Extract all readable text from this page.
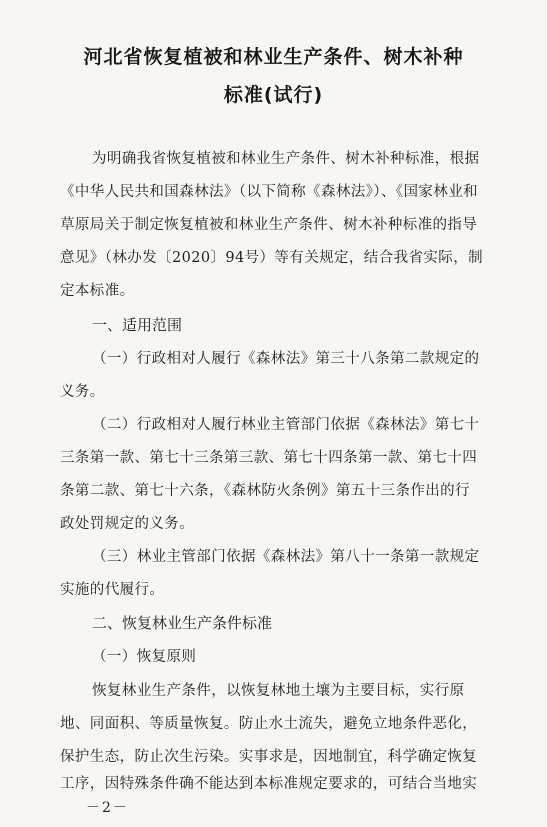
河北省恢复植被和林业生产条件、树木补种
标准(试行)
为明确我省恢复植被和林业生产条件、树木补种标准，根据
《中华人民共和国森林法》（以下简称《森林法》）、《国家林业和
草原局关于制定恢复植被和林业生产条件、树木补种标准的指导
意见》（林办发〔2020〕94号）等有关规定，结合我省实际，制
定本标准。
一、适用范围
（一）行政相对人履行《森林法》第三十八条第二款规定的
义务。
（二）行政相对人履行林业主管部门依据《森林法》第七十
三条第一款、第七十三条第三款、第七十四条第一款、第七十四
条第二款、第七十六条，《森林防火条例》第五十三条作出的行
政处罚规定的义务。
（三）林业主管部门依据《森林法》第八十一条第一款规定
实施的代履行。
二、恢复林业生产条件标准
（一）恢复原则
恢复林业生产条件，以恢复林地土壤为主要目标，实行原
地、同面积、等质量恢复。防止水土流失，避免立地条件恶化，
保护生态，防止次生污染。实事求是，因地制宜，科学确定恢复
工序，因特殊条件确不能达到本标准规定要求的，可结合当地实
－2－
